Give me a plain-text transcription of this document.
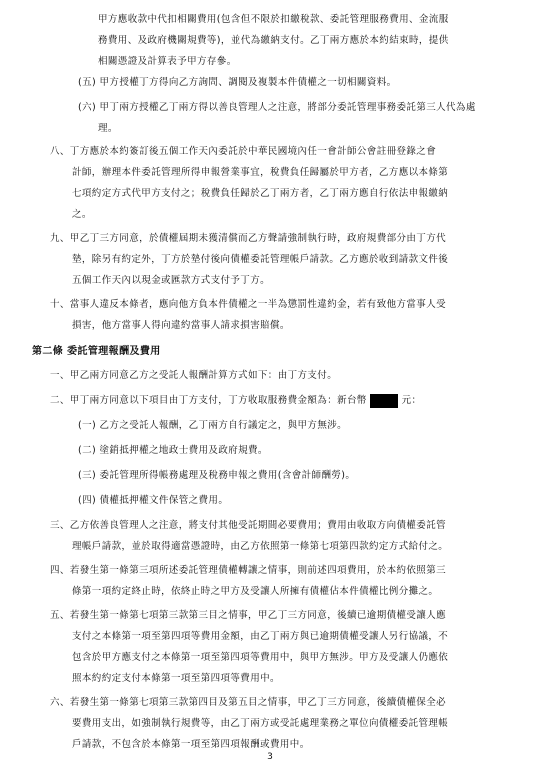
甲方應收款中代扣相關費用(包含但不限於扣繳稅款、委託管理服務費用、金流服
務費用、及政府機關規費等)，並代為繳納支付。乙丁兩方應於本約結束時，提供
相關憑證及計算表予甲方存參。
(五) 甲方授權丁方得向乙方詢問、調閱及複製本件債權之一切相關資料。
(六) 甲丁兩方授權乙丁兩方得以善良管理人之注意，將部分委託管理事務委託第三人代為處
理。
八、丁方應於本約簽訂後五個工作天內委託於中華民國境內任一會計師公會註冊登錄之會
計師，辦理本件委託管理所得申報營業事宜，稅費負任歸屬於甲方者，乙方應以本條第
七項約定方式代甲方支付之；稅費負任歸於乙丁兩方者，乙丁兩方應自行依法申報繳納
之。
九、甲乙丁三方同意，於債權屆期未獲清償而乙方聲請強制執行時，政府規費部分由丁方代
墊，除另有約定外，丁方於墊付後向債權委託管理帳戶請款。乙方應於收到請款文件後
五個工作天內以現金或匯款方式支付予丁方。
十、當事人違反本條者，應向他方負本件債權之一半為懲罰性違約金，若有致他方當事人受
損害，他方當事人得向違約當事人請求損害賠償。
第二條 委託管理報酬及費用
一、甲乙兩方同意乙方之受託人報酬計算方式如下：由丁方支付。
二、甲丁兩方同意以下項目由丁方支付，丁方收取服務費金額為：新台幣	元：
(一) 乙方之受託人報酬，乙丁兩方自行議定之，與甲方無涉。
(二) 塗銷抵押權之地政士費用及政府規費。
(三) 委託管理所得帳務處理及稅務申報之費用(含會計師酬勞)。
(四) 債權抵押權文件保管之費用。
三、乙方依善良管理人之注意，將支付其他受託期間必要費用；費用由收取方向債權委託管
理帳戶請款，並於取得適當憑證時，由乙方依照第一條第七項第四款約定方式給付之。
四、若發生第一條第三項所述委託管理債權轉讓之情事，則前述四項費用，於本約依照第三
條第一項約定終止時，依終止時之甲方及受讓人所擁有債權佔本件債權比例分攤之。
五、若發生第一條第七項第三款第三目之情事，甲乙丁三方同意，後續已逾期債權受讓人應
支付之本條第一項至第四項等費用金額，由乙丁兩方與已逾期債權受讓人另行協議，不
包含於甲方應支付之本條第一項至第四項等費用中，與甲方無涉。甲方及受讓人仍應依
照本約約定支付本條第一項至第四項等費用中。
六、若發生第一條第七項第三款第四目及第五目之情事，甲乙丁三方同意，後續債權保全必
要費用支出，如強制執行規費等，由乙丁兩方或受託處理業務之單位向債權委託管理帳
戶請款，不包含於本條第一項至第四項報酬或費用中。
3
